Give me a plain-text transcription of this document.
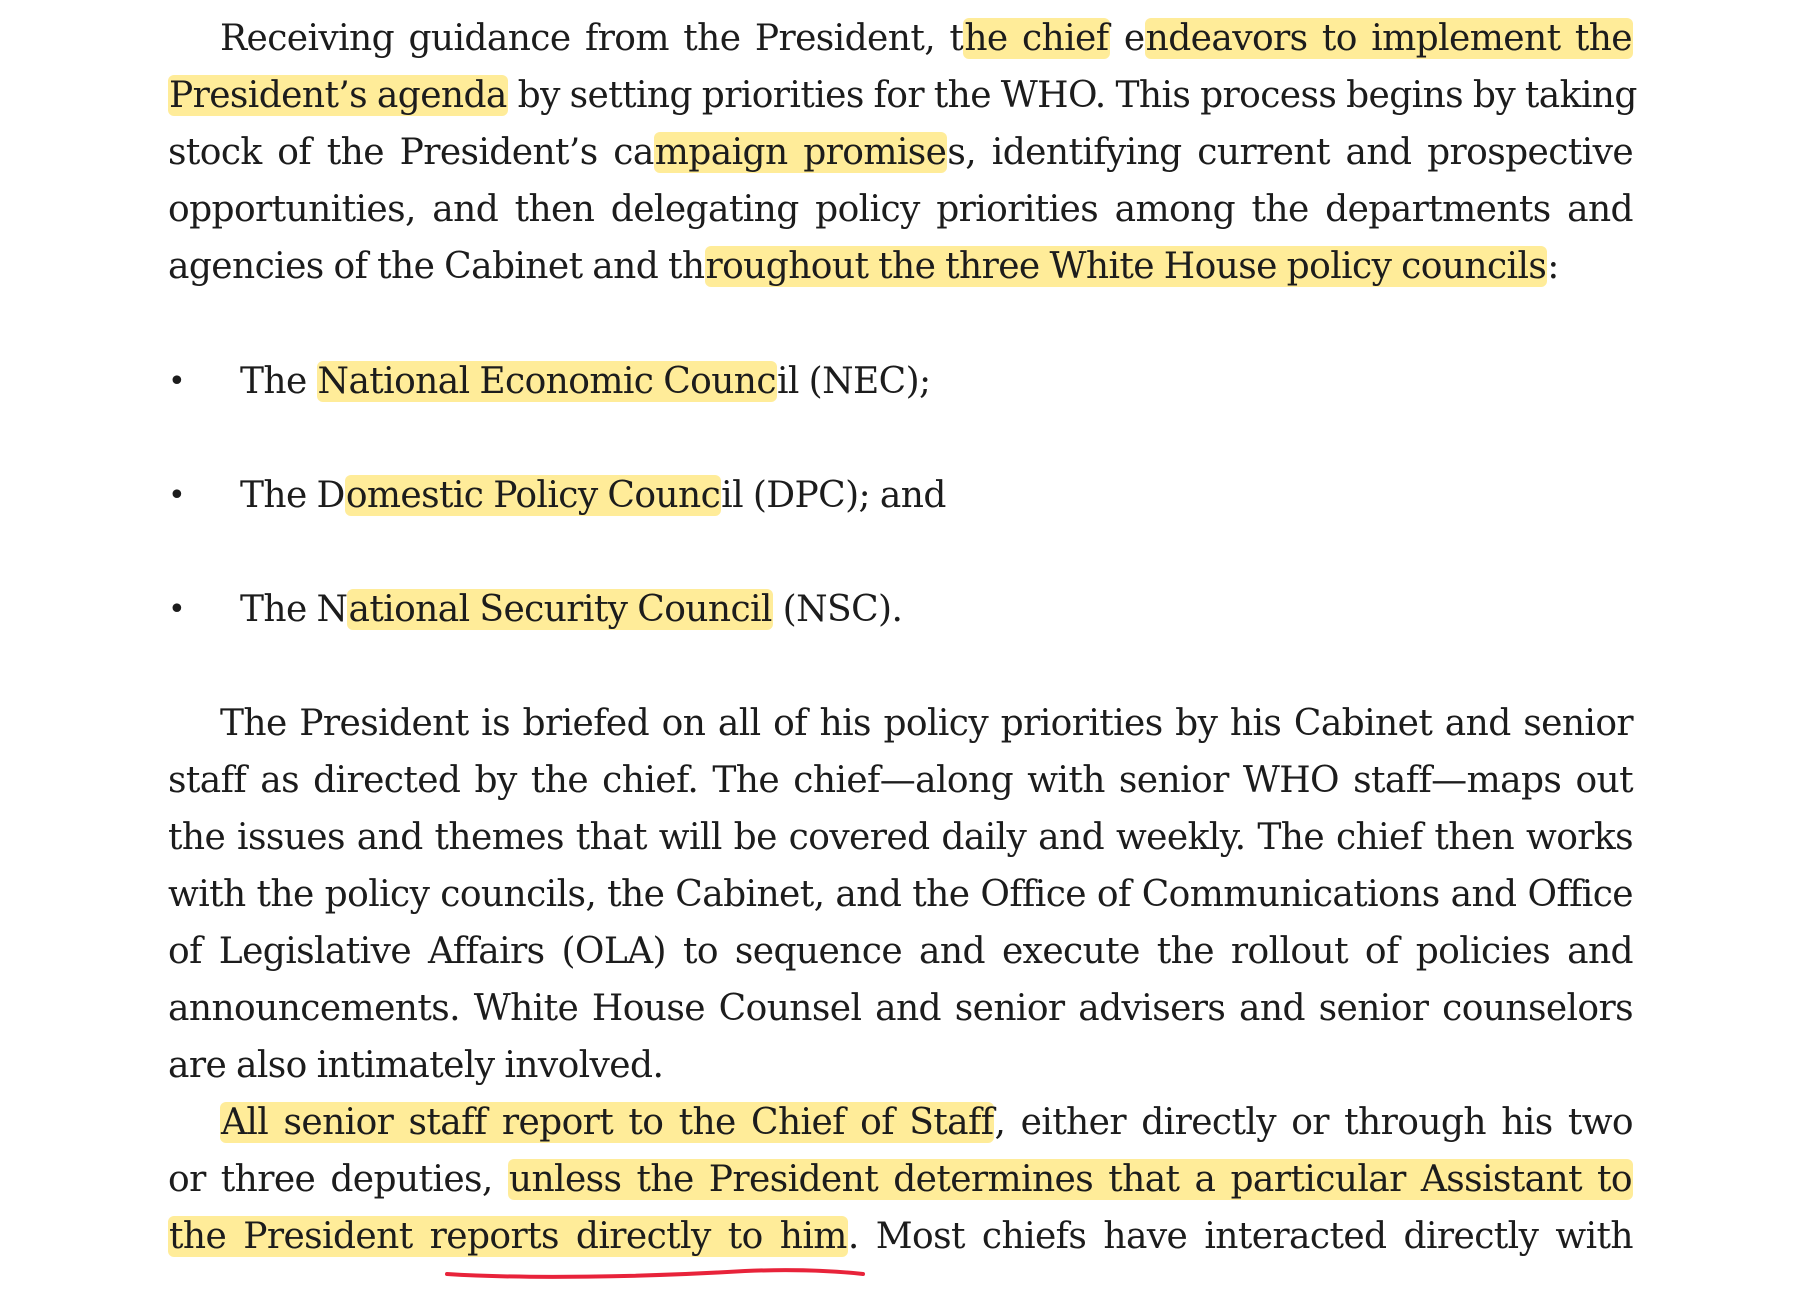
Receiving guidance from the President, the chief endeavors to implement the
President’s agenda by setting priorities for the WHO. This process begins by taking
stock of the President’s campaign promises, identifying current and prospective
opportunities, and then delegating policy priorities among the departments and
agencies of the Cabinet and throughout the three White House policy councils:
•	The National Economic Council (NEC);
•	The Domestic Policy Council (DPC); and
•	The National Security Council (NSC).
The President is briefed on all of his policy priorities by his Cabinet and senior
staff as directed by the chief. The chief—along with senior WHO staff—maps out
the issues and themes that will be covered daily and weekly. The chief then works
with the policy councils, the Cabinet, and the Office of Communications and Office
of Legislative Affairs (OLA) to sequence and execute the rollout of policies and
announcements. White House Counsel and senior advisers and senior counselors
are also intimately involved.
All senior staff report to the Chief of Staff, either directly or through his two
or three deputies, unless the President determines that a particular Assistant to
the President reports directly to him. Most chiefs have interacted directly with
